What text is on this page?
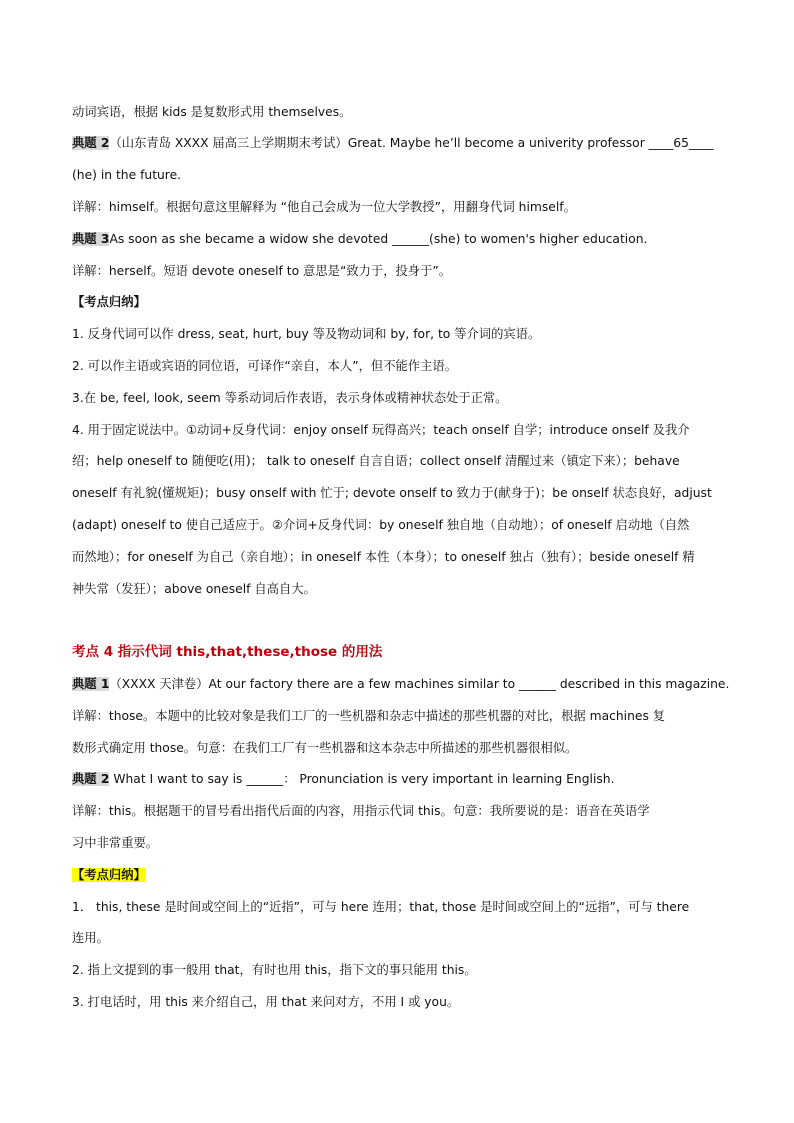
动词宾语，根据 kids 是复数形式用 themselves。
典题 2（山东青岛 XXXX 届高三上学期期末考试）Great. Maybe he’ll become a univerity professor ____65____
(he) in the future.
详解：himself。根据句意这里解释为 “他自己会成为一位大学教授”，用翻身代词 himself。
典题 3As soon as she became a widow she devoted ______(she) to women's higher education.
详解：herself。短语 devote oneself to 意思是“致力于，投身于”。
【考点归纳】
1. 反身代词可以作 dress, seat, hurt, buy 等及物动词和 by, for, to 等介词的宾语。
2. 可以作主语或宾语的同位语，可译作“亲自，本人”，但不能作主语。
3.在 be, feel, look, seem 等系动词后作表语，表示身体或精神状态处于正常。
4. 用于固定说法中。①动词+反身代词：enjoy onself 玩得高兴；teach onself 自学；introduce onself 及我介
绍；help oneself to 随便吃(用)； talk to oneself 自言自语；collect onself 清醒过来（镇定下来）；behave
oneself 有礼貌(懂规矩)；busy onself with 忙于; devote onself to 致力于(献身于)；be onself 状态良好，adjust
(adapt) oneself to 使自己适应于。②介词+反身代词：by oneself 独自地（自动地）；of oneself 启动地（自然
而然地）；for oneself 为自己（亲自地）；in oneself 本性（本身）；to oneself 独占（独有）；beside oneself 精
神失常（发狂）；above oneself 自高自大。
考点 4 指示代词 this,that,these,those 的用法
典题 1（XXXX 天津卷）At our factory there are a few machines similar to ______ described in this magazine.
详解：those。本题中的比较对象是我们工厂的一些机器和杂志中描述的那些机器的对比，根据 machines 复
数形式确定用 those。句意：在我们工厂有一些机器和这本杂志中所描述的那些机器很相似。
典题 2 What I want to say is ______： Pronunciation is very important in learning English.
详解：this。根据题干的冒号看出指代后面的内容，用指示代词 this。句意：我所要说的是：语音在英语学
习中非常重要。
【考点归纳】
1． this, these 是时间或空间上的“近指”，可与 here 连用；that, those 是时间或空间上的“远指”，可与 there
连用。
2. 指上文提到的事一般用 that，有时也用 this，指下文的事只能用 this。
3. 打电话时，用 this 来介绍自己，用 that 来问对方，不用 I 或 you。
